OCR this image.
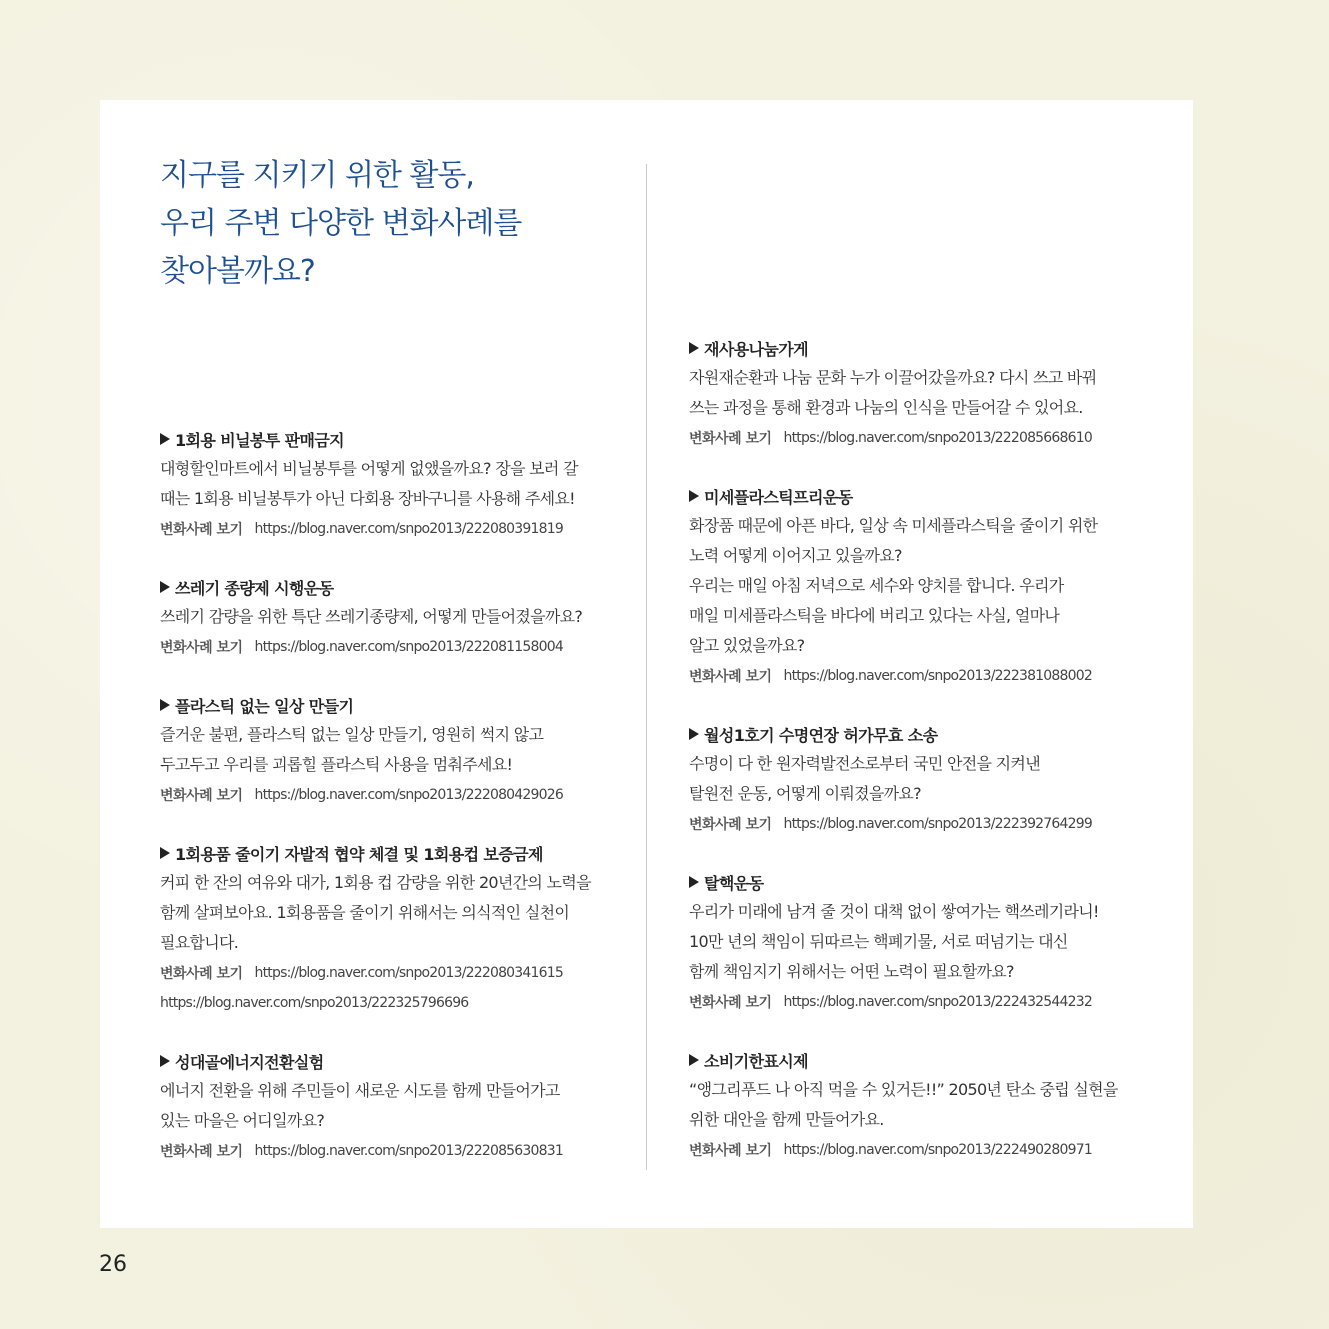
지구를 지키기 위한 활동,
우리 주변 다양한 변화사례를
찾아볼까요?
1회용 비닐봉투 판매금지
대형할인마트에서 비닐봉투를 어떻게 없앴을까요? 장을 보러 갈
때는 1회용 비닐봉투가 아닌 다회용 장바구니를 사용해 주세요!
변화사례 보기 https://blog.naver.com/snpo2013/222080391819
쓰레기 종량제 시행운동
쓰레기 감량을 위한 특단 쓰레기종량제, 어떻게 만들어졌을까요?
변화사례 보기 https://blog.naver.com/snpo2013/222081158004
플라스틱 없는 일상 만들기
즐거운 불편, 플라스틱 없는 일상 만들기, 영원히 썩지 않고
두고두고 우리를 괴롭힐 플라스틱 사용을 멈춰주세요!
변화사례 보기 https://blog.naver.com/snpo2013/222080429026
1회용품 줄이기 자발적 협약 체결 및 1회용컵 보증금제
커피 한 잔의 여유와 대가, 1회용 컵 감량을 위한 20년간의 노력을
함께 살펴보아요. 1회용품을 줄이기 위해서는 의식적인 실천이
필요합니다.
변화사례 보기 https://blog.naver.com/snpo2013/222080341615
https://blog.naver.com/snpo2013/222325796696
성대골에너지전환실험
에너지 전환을 위해 주민들이 새로운 시도를 함께 만들어가고
있는 마을은 어디일까요?
변화사례 보기 https://blog.naver.com/snpo2013/222085630831
재사용나눔가게
자원재순환과 나눔 문화 누가 이끌어갔을까요? 다시 쓰고 바꿔
쓰는 과정을 통해 환경과 나눔의 인식을 만들어갈 수 있어요.
변화사례 보기 https://blog.naver.com/snpo2013/222085668610
미세플라스틱프리운동
화장품 때문에 아픈 바다, 일상 속 미세플라스틱을 줄이기 위한
노력 어떻게 이어지고 있을까요?
우리는 매일 아침 저녁으로 세수와 양치를 합니다. 우리가
매일 미세플라스틱을 바다에 버리고 있다는 사실, 얼마나
알고 있었을까요?
변화사례 보기 https://blog.naver.com/snpo2013/222381088002
월성1호기 수명연장 허가무효 소송
수명이 다 한 원자력발전소로부터 국민 안전을 지켜낸
탈원전 운동, 어떻게 이뤄졌을까요?
변화사례 보기 https://blog.naver.com/snpo2013/222392764299
탈핵운동
우리가 미래에 남겨 줄 것이 대책 없이 쌓여가는 핵쓰레기라니!
10만 년의 책임이 뒤따르는 핵폐기물, 서로 떠넘기는 대신
함께 책임지기 위해서는 어떤 노력이 필요할까요?
변화사례 보기 https://blog.naver.com/snpo2013/222432544232
소비기한표시제
“앵그리푸드 나 아직 먹을 수 있거든!!” 2050년 탄소 중립 실현을
위한 대안을 함께 만들어가요.
변화사례 보기 https://blog.naver.com/snpo2013/222490280971
26
